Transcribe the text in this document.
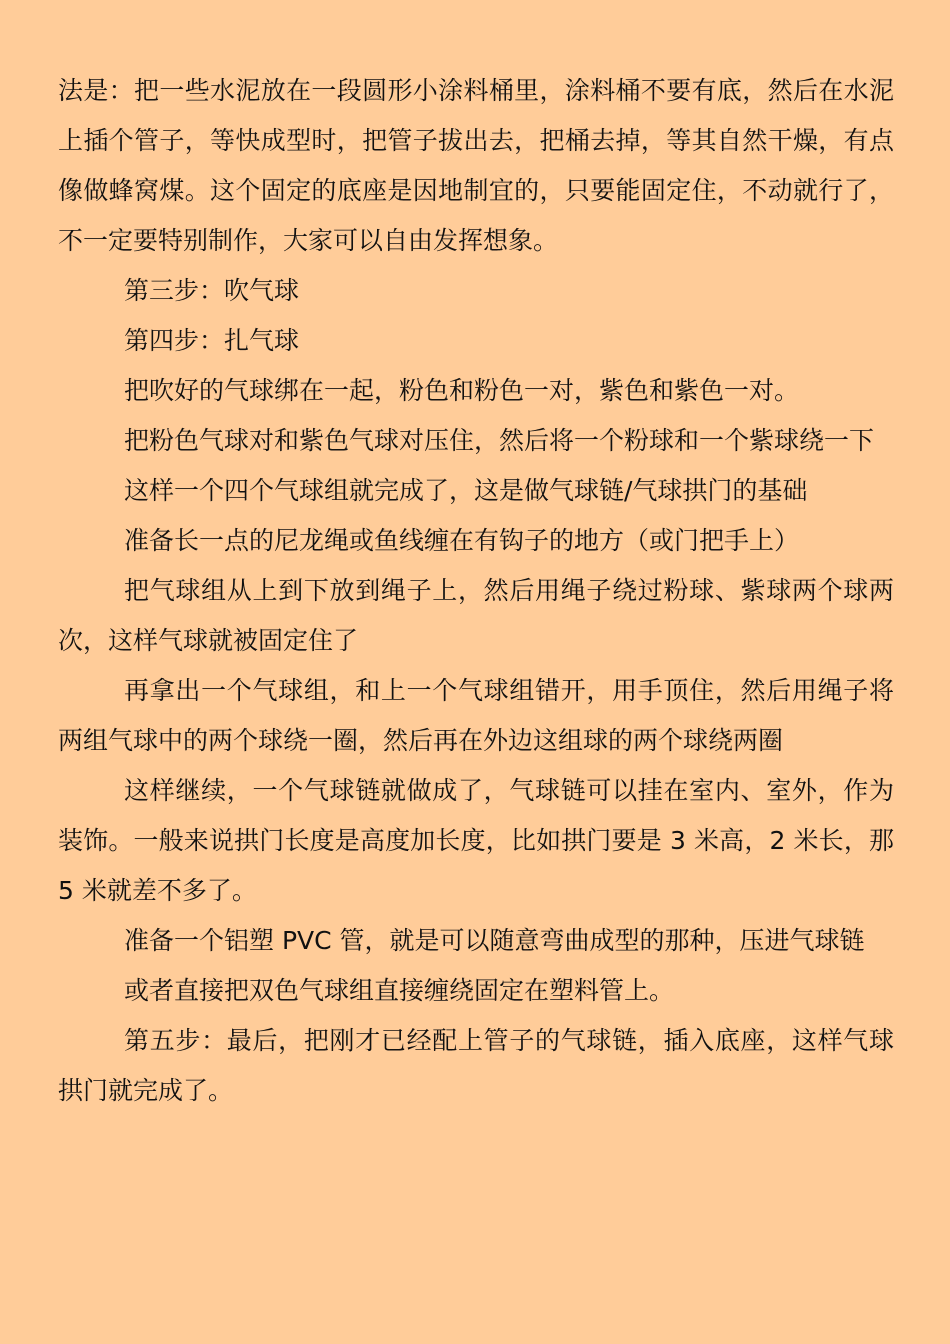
法是：把一些水泥放在一段圆形小涂料桶里，涂料桶不要有底，然后在水泥上插个管子，等快成型时，把管子拔出去，把桶去掉，等其自然干燥，有点像做蜂窝煤。这个固定的底座是因地制宜的，只要能固定住，不动就行了，不一定要特别制作，大家可以自由发挥想象。

第三步：吹气球

第四步：扎气球

把吹好的气球绑在一起，粉色和粉色一对，紫色和紫色一对。

把粉色气球对和紫色气球对压住，然后将一个粉球和一个紫球绕一下

这样一个四个气球组就完成了，这是做气球链/气球拱门的基础

准备长一点的尼龙绳或鱼线缠在有钩子的地方（或门把手上）

把气球组从上到下放到绳子上，然后用绳子绕过粉球、紫球两个球两次，这样气球就被固定住了

再拿出一个气球组，和上一个气球组错开，用手顶住，然后用绳子将两组气球中的两个球绕一圈，然后再在外边这组球的两个球绕两圈

这样继续，一个气球链就做成了，气球链可以挂在室内、室外，作为装饰。一般来说拱门长度是高度加长度，比如拱门要是 3 米高，2 米长，那 5 米就差不多了。

准备一个铝塑 PVC 管，就是可以随意弯曲成型的那种，压进气球链

或者直接把双色气球组直接缠绕固定在塑料管上。

第五步：最后，把刚才已经配上管子的气球链，插入底座，这样气球拱门就完成了。
